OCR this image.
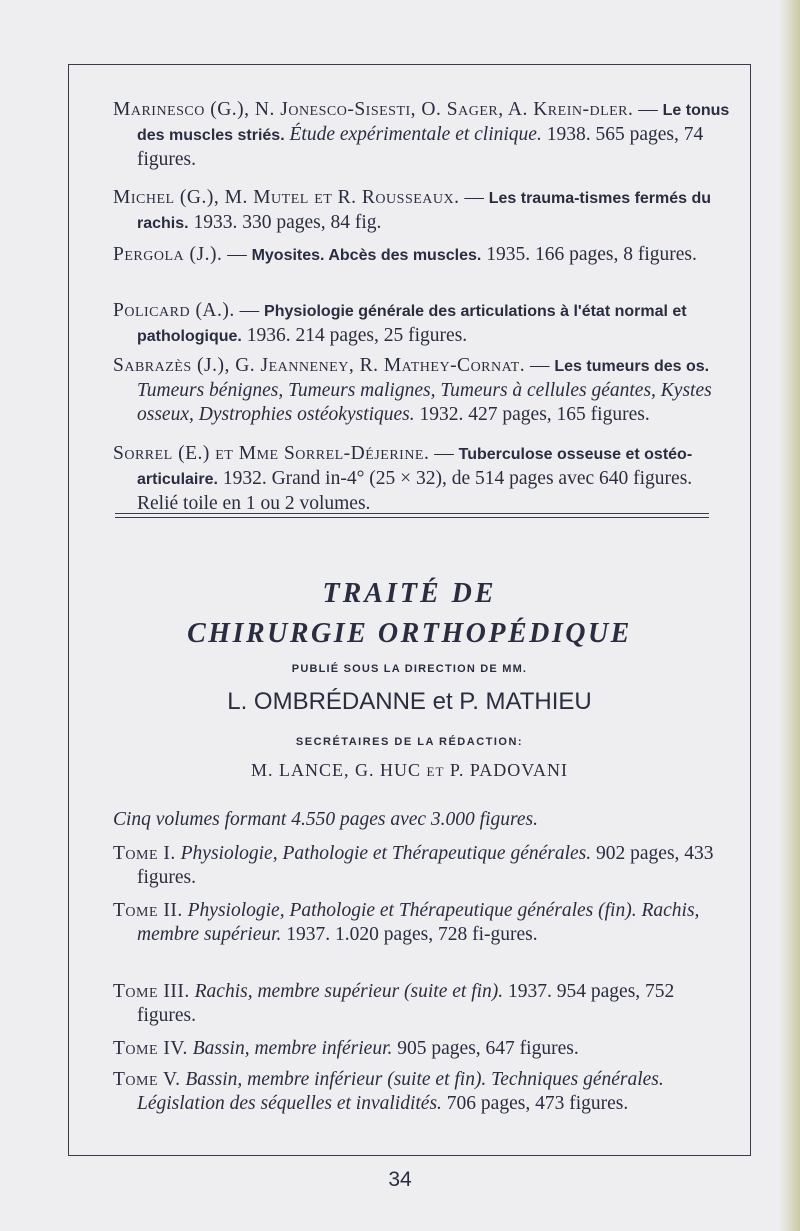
Marinesco (G.), N. Jonesco-Sisesti, O. Sager, A. Krein-dler. — Le tonus des muscles striés. Étude expérimentale et clinique. 1938. 565 pages, 74 figures.

Michel (G.), M. Mutel et R. Rousseaux. — Les trauma-tismes fermés du rachis. 1933. 330 pages, 84 fig.

Pergola (J.). — Myosites. Abcès des muscles. 1935. 166 pages, 8 figures.

Policard (A.). — Physiologie générale des articulations à l'état normal et pathologique. 1936. 214 pages, 25 figures.

Sabrazès (J.), G. Jeanneney, R. Mathey-Cornat. — Les tumeurs des os. Tumeurs bénignes, Tumeurs malignes, Tumeurs à cellules géantes, Kystes osseux, Dystrophies ostéokystiques. 1932. 427 pages, 165 figures.

Sorrel (E.) et Mme Sorrel-Déjerine. — Tuberculose osseuse et ostéo-articulaire. 1932. Grand in-4° (25 × 32), de 514 pages avec 640 figures. Relié toile en 1 ou 2 volumes.

TRAITÉ DE

CHIRURGIE ORTHOPÉDIQUE

PUBLIÉ SOUS LA DIRECTION DE MM.

L. OMBRÉDANNE et P. MATHIEU

SECRÉTAIRES DE LA RÉDACTION:

M. LANCE, G. HUC et P. PADOVANI

Cinq volumes formant 4.550 pages avec 3.000 figures.

Tome I. Physiologie, Pathologie et Thérapeutique générales. 902 pages, 433 figures.

Tome II. Physiologie, Pathologie et Thérapeutique générales (fin). Rachis, membre supérieur. 1937. 1.020 pages, 728 fi-gures.

Tome III. Rachis, membre supérieur (suite et fin). 1937. 954 pages, 752 figures.

Tome IV. Bassin, membre inférieur. 905 pages, 647 figures.

Tome V. Bassin, membre inférieur (suite et fin). Techniques générales. Législation des séquelles et invalidités. 706 pages, 473 figures.

34
